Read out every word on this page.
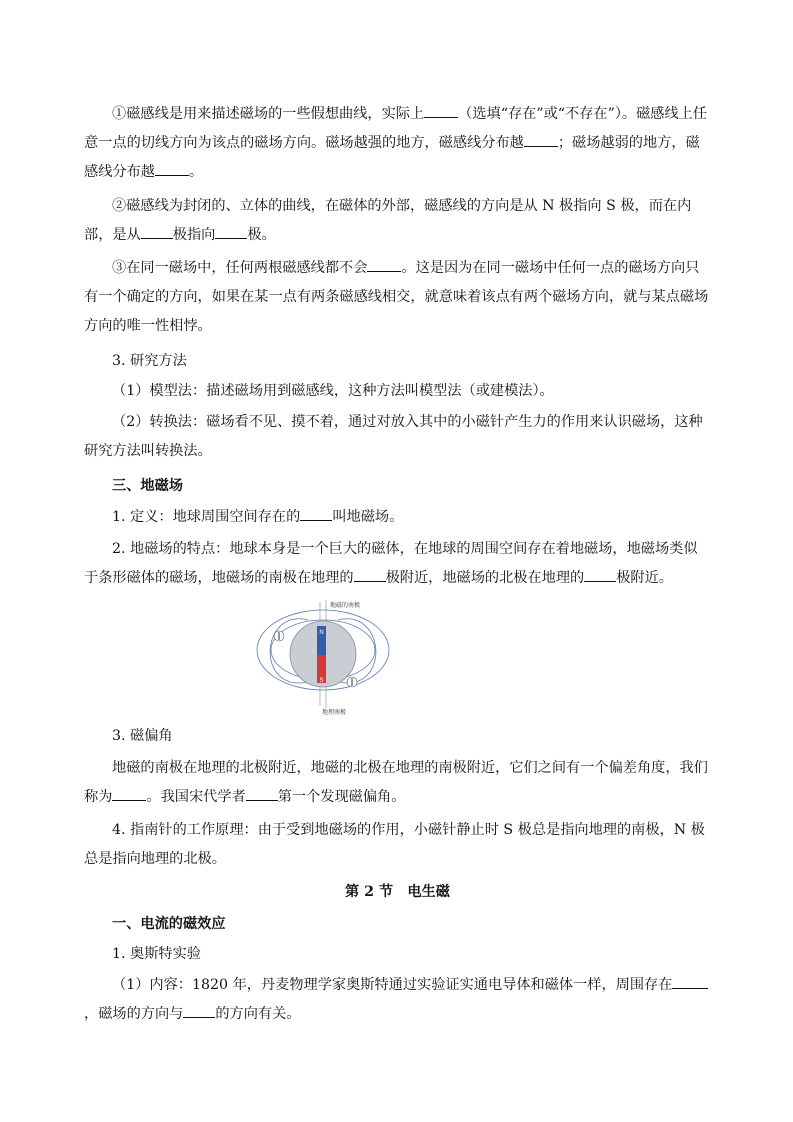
①磁感线是用来描述磁场的一些假想曲线，实际上 （选填“存在”或“不存在”）。磁感线上任意一点的切线方向为该点的磁场方向。磁场越强的地方，磁感线分布越 ；磁场越弱的地方，磁感线分布越 。

②磁感线为封闭的、立体的曲线，在磁体的外部，磁感线的方向是从 N 极指向 S 极，而在内部，是从 极指向 极。

③在同一磁场中，任何两根磁感线都不会 。这是因为在同一磁场中任何一点的磁场方向只有一个确定的方向，如果在某一点有两条磁感线相交，就意味着该点有两个磁场方向，就与某点磁场方向的唯一性相悖。

3. 研究方法

（1）模型法：描述磁场用到磁感线，这种方法叫模型法（或建模法）。

（2）转换法：磁场看不见、摸不着，通过对放入其中的小磁针产生力的作用来认识磁场，这种研究方法叫转换法。

三、地磁场

1. 定义：地球周围空间存在的 叫地磁场。

2. 地磁场的特点：地球本身是一个巨大的磁体，在地球的周围空间存在着地磁场，地磁场类似于条形磁体的磁场，地磁场的南极在地理的 极附近，地磁场的北极在地理的 极附近。

N
S
地磁的南极
地理南极

3. 磁偏角

地磁的南极在地理的北极附近，地磁的北极在地理的南极附近，它们之间有一个偏差角度，我们称为 。我国宋代学者 第一个发现磁偏角。

4. 指南针的工作原理：由于受到地磁场的作用，小磁针静止时 S 极总是指向地理的南极，N 极总是指向地理的北极。

第 2 节　电生磁

一、电流的磁效应

1. 奥斯特实验

（1）内容：1820 年，丹麦物理学家奥斯特通过实验证实通电导体和磁体一样，周围存在，磁场的方向与 的方向有关。
